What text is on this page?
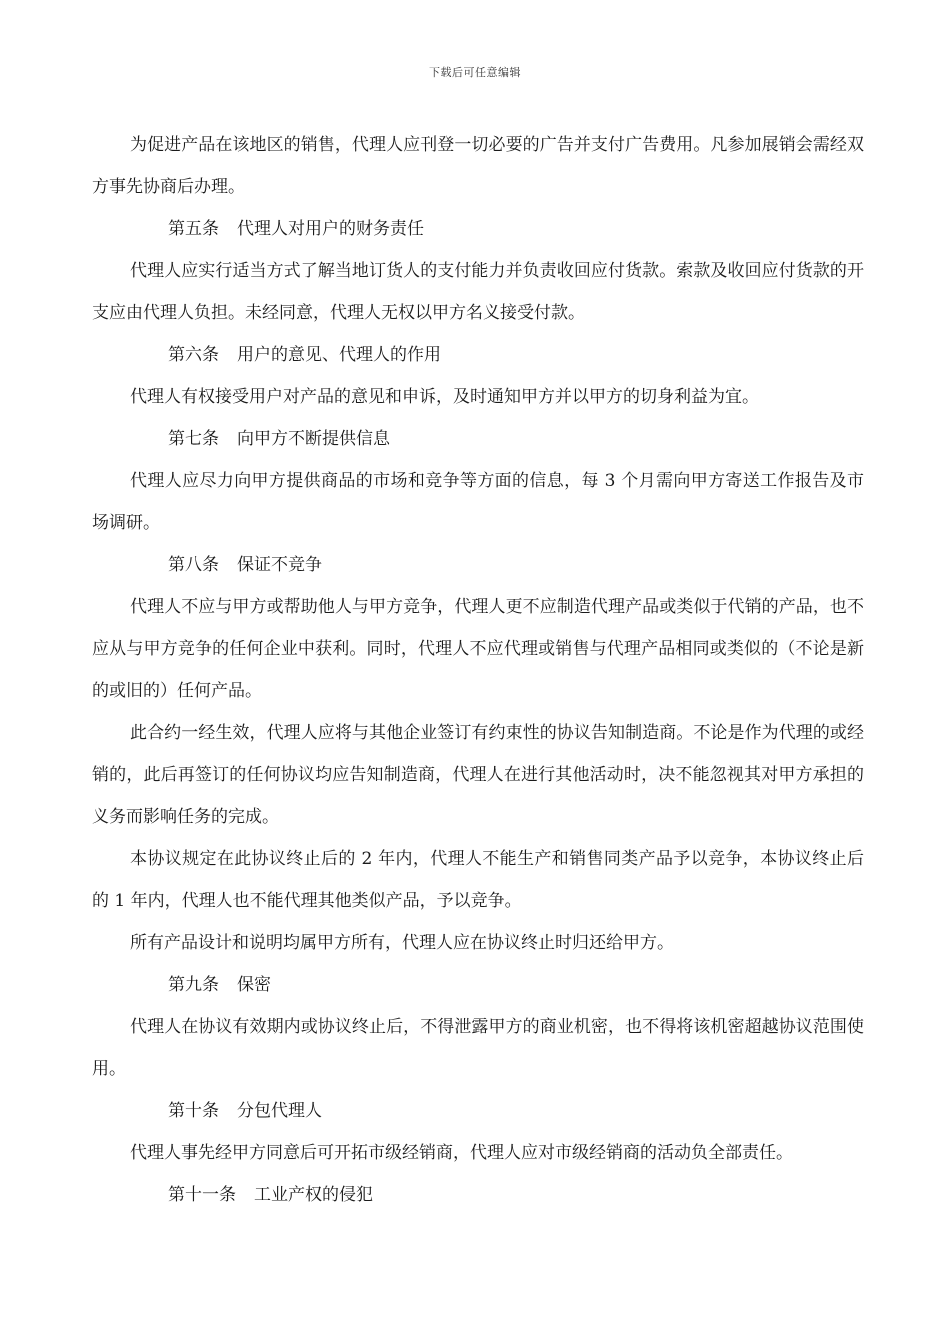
下载后可任意编辑

为促进产品在该地区的销售，代理人应刊登一切必要的广告并支付广告费用。凡参加展销会需经双方事先协商后办理。

第五条 代理人对用户的财务责任

代理人应实行适当方式了解当地订货人的支付能力并负责收回应付货款。索款及收回应付货款的开支应由代理人负担。未经同意，代理人无权以甲方名义接受付款。

第六条 用户的意见、代理人的作用

代理人有权接受用户对产品的意见和申诉，及时通知甲方并以甲方的切身利益为宜。

第七条 向甲方不断提供信息

代理人应尽力向甲方提供商品的市场和竞争等方面的信息，每 3 个月需向甲方寄送工作报告及市场调研。

第八条 保证不竞争

代理人不应与甲方或帮助他人与甲方竞争，代理人更不应制造代理产品或类似于代销的产品，也不应从与甲方竞争的任何企业中获利。同时，代理人不应代理或销售与代理产品相同或类似的（不论是新的或旧的）任何产品。

此合约一经生效，代理人应将与其他企业签订有约束性的协议告知制造商。不论是作为代理的或经销的，此后再签订的任何协议均应告知制造商，代理人在进行其他活动时，决不能忽视其对甲方承担的义务而影响任务的完成。

本协议规定在此协议终止后的 2 年内，代理人不能生产和销售同类产品予以竞争，本协议终止后的 1 年内，代理人也不能代理其他类似产品，予以竞争。

所有产品设计和说明均属甲方所有，代理人应在协议终止时归还给甲方。

第九条 保密

代理人在协议有效期内或协议终止后，不得泄露甲方的商业机密，也不得将该机密超越协议范围使用。

第十条 分包代理人

代理人事先经甲方同意后可开拓市级经销商，代理人应对市级经销商的活动负全部责任。

第十一条 工业产权的侵犯
